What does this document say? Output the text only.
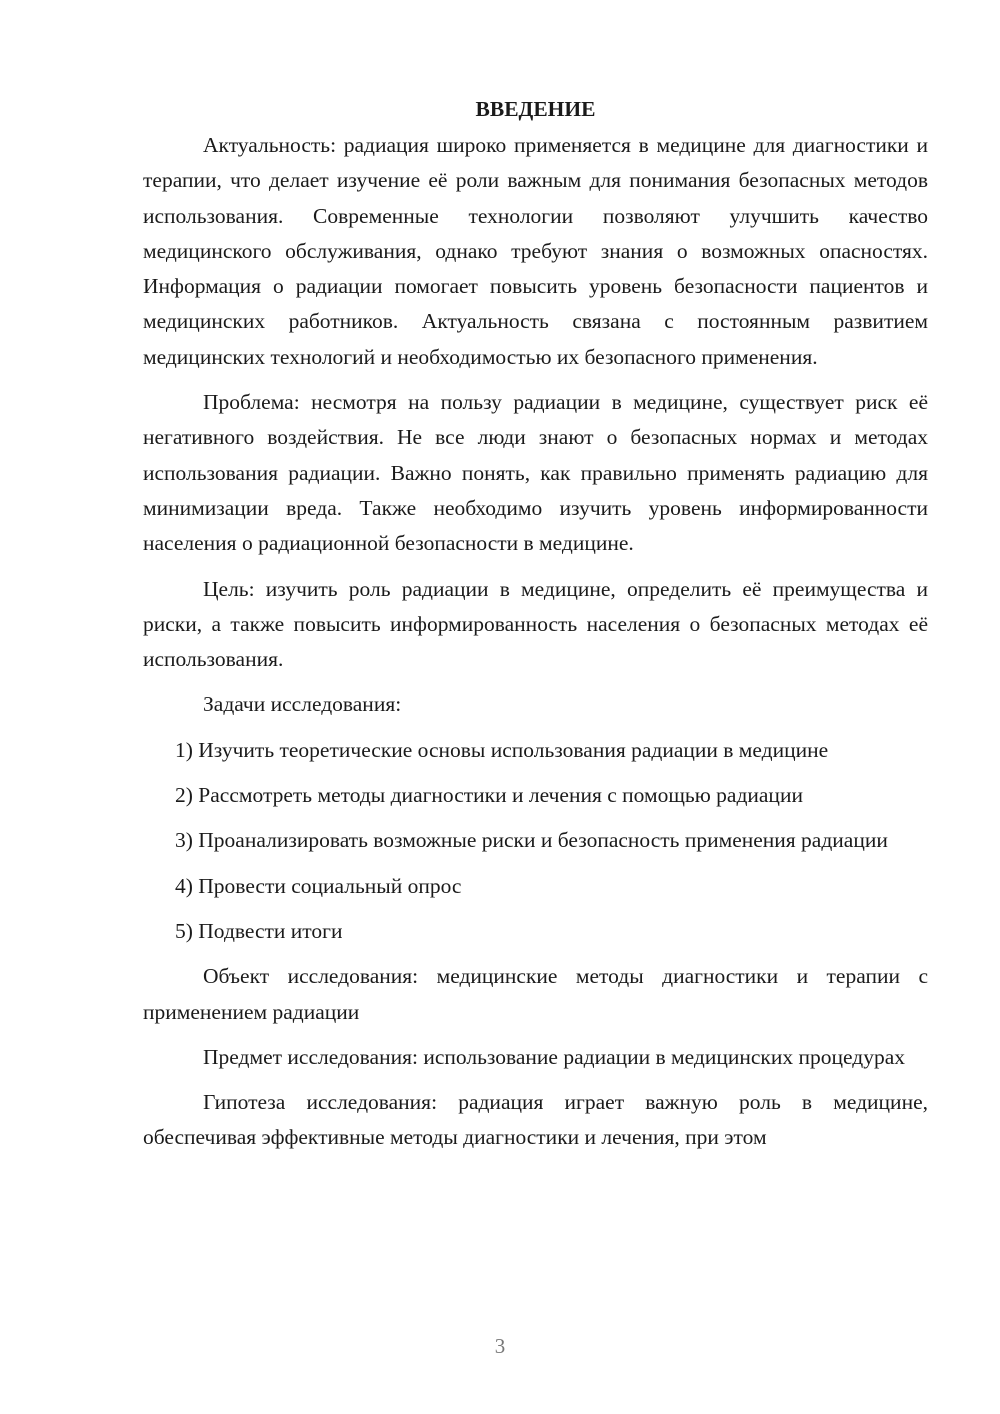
ВВЕДЕНИЕ

Актуальность: радиация широко применяется в медицине для диагностики и терапии, что делает изучение её роли важным для понимания безопасных методов использования. Современные технологии позволяют улучшить качество медицинского обслуживания, однако требуют знания о возможных опасностях. Информация о радиации помогает повысить уровень безопасности пациентов и медицинских работников. Актуальность связана с постоянным развитием медицинских технологий и необходимостью их безопасного применения.

Проблема: несмотря на пользу радиации в медицине, существует риск её негативного воздействия. Не все люди знают о безопасных нормах и методах использования радиации. Важно понять, как правильно применять радиацию для минимизации вреда. Также необходимо изучить уровень информированности населения о радиационной безопасности в медицине.

Цель: изучить роль радиации в медицине, определить её преимущества и риски, а также повысить информированность населения о безопасных методах её использования.

Задачи исследования:

1) Изучить теоретические основы использования радиации в медицине

2) Рассмотреть методы диагностики и лечения с помощью радиации

3) Проанализировать возможные риски и безопасность применения радиации

4) Провести социальный опрос

5) Подвести итоги

Объект исследования: медицинские методы диагностики и терапии с применением радиации

Предмет исследования: использование радиации в медицинских процедурах

Гипотеза исследования: радиация играет важную роль в медицине, обеспечивая эффективные методы диагностики и лечения, при этом

3
